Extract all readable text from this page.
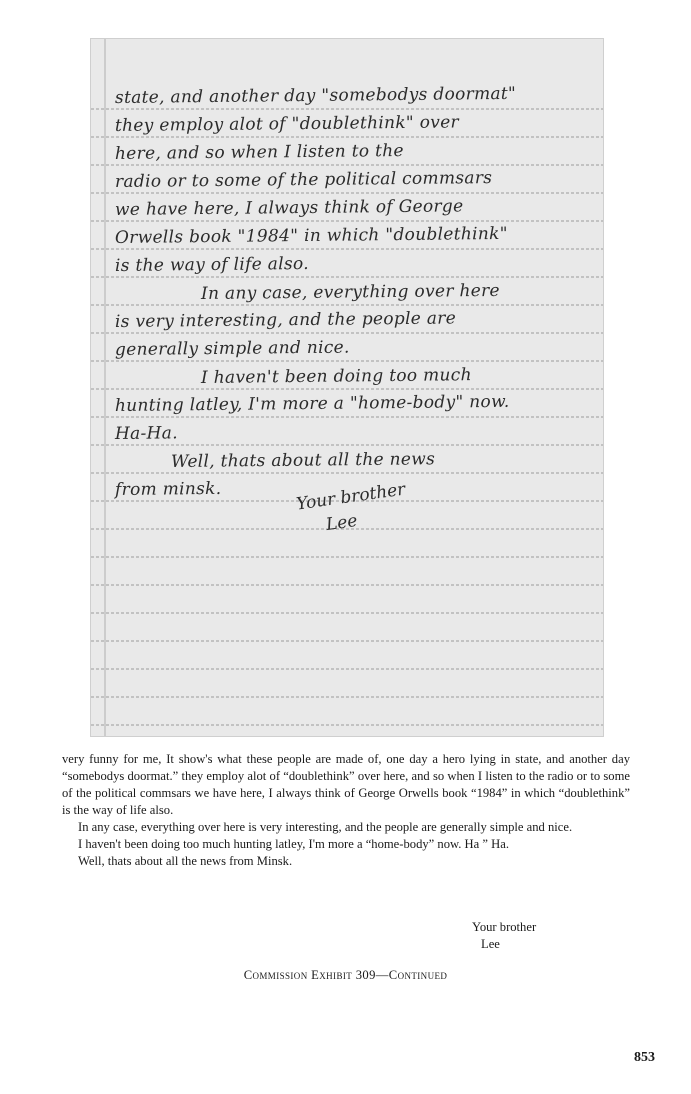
state, and another day "somebodys doormat"
they employ alot of "doublethink" over
here, and so when I listen to the
radio or to some of the political commsars
we have here, I always think of George
Orwells book "1984" in which "doublethink"
is the way of life also.
In any case, everything over here
is very interesting, and the people are
generally simple and nice.
I haven't been doing too much
hunting latley, I'm more a "home-body" now.
Ha-Ha.
Well, thats about all the news
from minsk.	Your brother
Lee

very funny for me, It show's what these people are made of, one day a hero lying in state, and another day “somebodys doormat.” they employ alot of “doublethink” over here, and so when I listen to the radio or to some of the political commsars we have here, I always think of George Orwells book “1984” in which “doublethink” is the way of life also.

In any case, everything over here is very interesting, and the people are generally simple and nice.

I haven't been doing too much hunting latley, I'm more a “home-body” now. Ha ” Ha.

Well, thats about all the news from Minsk.

Your brother
Lee
Commission Exhibit 309—Continued
853
